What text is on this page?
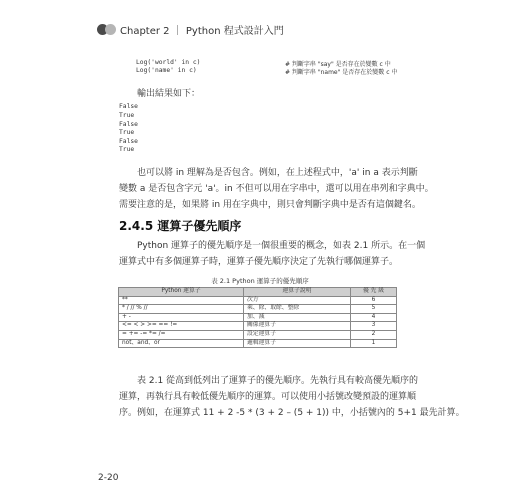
Chapter 2 ｜ Python 程式設計入門
Log('world' in c)	# 判斷字串 "say" 是否存在於變數 c 中
Log('name' in c)	# 判斷字串 "name" 是否存在於變數 c 中
輸出結果如下：
False
True
False
True
False
True
也可以將 in 理解為是否包含。例如，在上述程式中，'a' in a 表示判斷
變數 a 是否包含字元 'a'。in 不但可以用在字串中，還可以用在串列和字典中。
需要注意的是，如果將 in 用在字典中，則只會判斷字典中是否有這個鍵名。
2.4.5 運算子優先順序
Python 運算子的優先順序是一個很重要的概念，如表 2.1 所示。在一個
運算式中有多個運算子時，運算子優先順序決定了先執行哪個運算子。
表 2.1 Python 運算子的優先順序
Python 運算子	運算子說明	優 先 級
**	次方	6
* / // % //	乘、除、取餘、整除	5
+ -	加、減	4
<= < > >= == !=	關係運算子	3
= += -= *= /=	設定運算子	2
not、and、or	邏輯運算子	1
表 2.1 從高到低列出了運算子的優先順序。先執行具有較高優先順序的
運算，再執行具有較低優先順序的運算。可以使用小括號改變預設的運算順
序。例如，在運算式 11 + 2 -5 * (3 + 2 – (5 + 1)) 中，小括號內的 5+1 最先計算。
2-20
